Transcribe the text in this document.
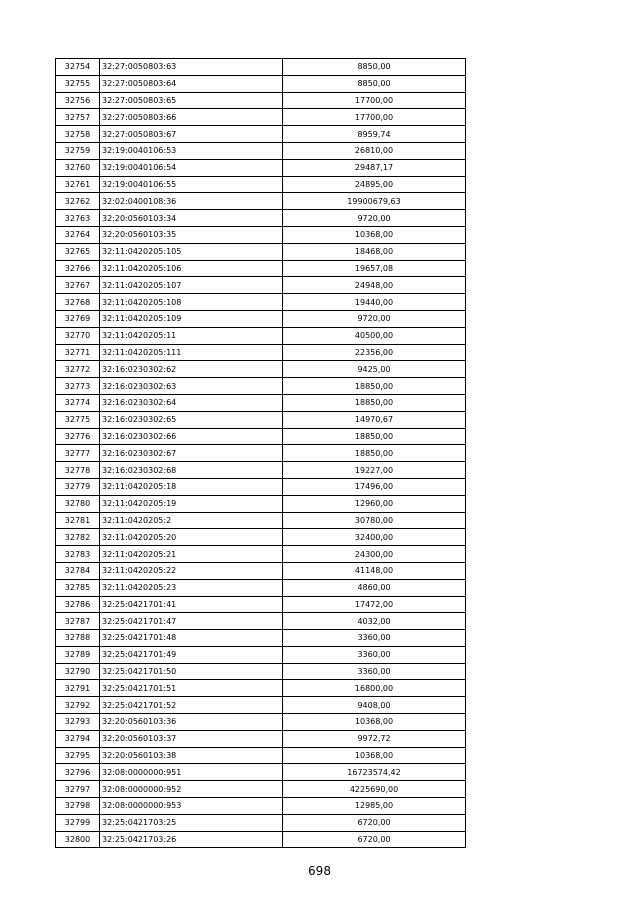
32754	32:27:0050803:63	8850,00
32755	32:27:0050803:64	8850,00
32756	32:27:0050803:65	17700,00
32757	32:27:0050803:66	17700,00
32758	32:27:0050803:67	8959,74
32759	32:19:0040106:53	26810,00
32760	32:19:0040106:54	29487,17
32761	32:19:0040106:55	24895,00
32762	32:02:0400108:36	19900679,63
32763	32:20:0560103:34	9720,00
32764	32:20:0560103:35	10368,00
32765	32:11:0420205:105	18468,00
32766	32:11:0420205:106	19657,08
32767	32:11:0420205:107	24948,00
32768	32:11:0420205:108	19440,00
32769	32:11:0420205:109	9720,00
32770	32:11:0420205:11	40500,00
32771	32:11:0420205:111	22356,00
32772	32:16:0230302:62	9425,00
32773	32:16:0230302:63	18850,00
32774	32:16:0230302:64	18850,00
32775	32:16:0230302:65	14970,67
32776	32:16:0230302:66	18850,00
32777	32:16:0230302:67	18850,00
32778	32:16:0230302:68	19227,00
32779	32:11:0420205:18	17496,00
32780	32:11:0420205:19	12960,00
32781	32:11:0420205:2	30780,00
32782	32:11:0420205:20	32400,00
32783	32:11:0420205:21	24300,00
32784	32:11:0420205:22	41148,00
32785	32:11:0420205:23	4860,00
32786	32:25:0421701:41	17472,00
32787	32:25:0421701:47	4032,00
32788	32:25:0421701:48	3360,00
32789	32:25:0421701:49	3360,00
32790	32:25:0421701:50	3360,00
32791	32:25:0421701:51	16800,00
32792	32:25:0421701:52	9408,00
32793	32:20:0560103:36	10368,00
32794	32:20:0560103:37	9972,72
32795	32:20:0560103:38	10368,00
32796	32:08:0000000:951	16723574,42
32797	32:08:0000000:952	4225690,00
32798	32:08:0000000:953	12985,00
32799	32:25:0421703:25	6720,00
32800	32:25:0421703:26	6720,00
698
